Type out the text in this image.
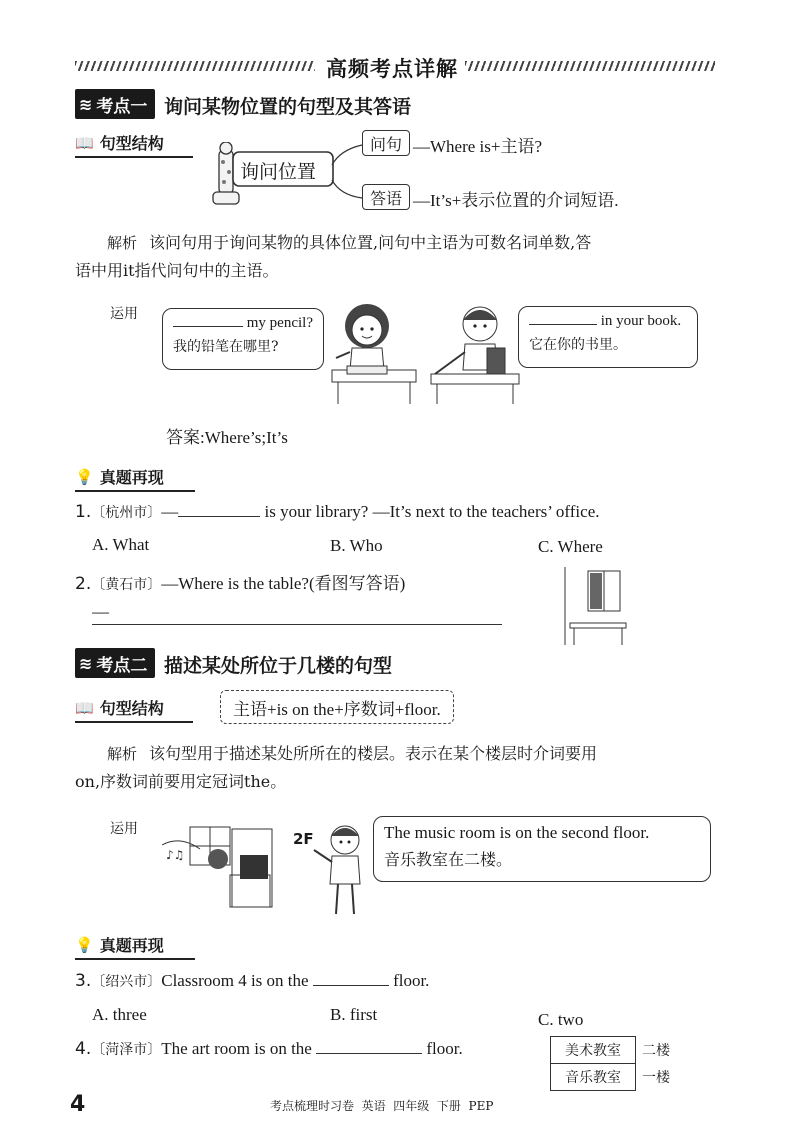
高频考点详解
≋ 考点一 询问某物位置的句型及其答语
📖 句型结构
询问位置
问句 —Where is+主语?
答语 —It’s+表示位置的介词短语.
解析 该问句用于询问某物的具体位置,问句中主语为可数名词单数,答
语中用it指代问句中的主语。
运用
my pencil?
我的铅笔在哪里?
in your book.
它在你的书里。
答案:Where’s;It’s
💡 真题再现
1.〔杭州市〕—	is your library? —It’s next to the teachers’ office.
A. What	B. Who	C. Where
2.〔黄石市〕—Where is the table?(看图写答语)
—
≋ 考点二 描述某处所位于几楼的句型
📖 句型结构	主语+is on the+序数词+floor.
解析 该句型用于描述某处所所在的楼层。表示在某个楼层时介词要用
on,序数词前要用定冠词the。
运用
♪♫
2F	The music room is on the second floor.
音乐教室在二楼。
💡 真题再现
3.〔绍兴市〕Classroom 4 is on the	floor.
A. three	B. first	C. two
4.〔菏泽市〕The art room is on the	floor.	美术教室	二楼
音乐教室	一楼
4	考点梳理时习卷  英语  四年级  下册  PEP
